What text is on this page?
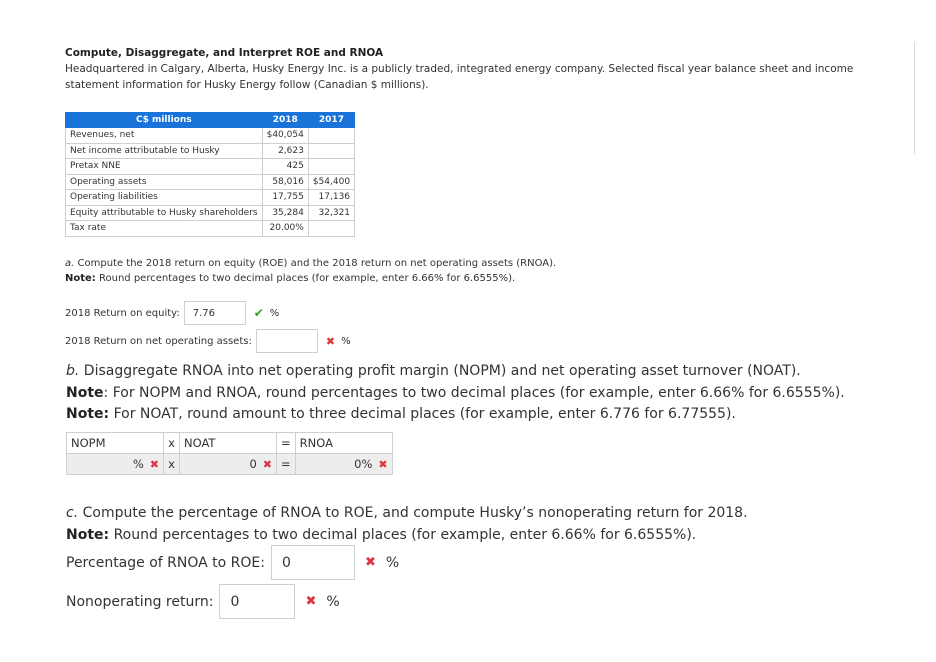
Compute, Disaggregate, and Interpret ROE and RNOA
Headquartered in Calgary, Alberta, Husky Energy Inc. is a publicly traded, integrated energy company. Selected fiscal year balance sheet and income statement information for Husky Energy follow (Canadian $ millions).
C$ millions	2018	2017
Revenues, net	$40,054	
Net income attributable to Husky	2,623	
Pretax NNE	425	
Operating assets	58,016	$54,400
Operating liabilities	17,755	17,136
Equity attributable to Husky shareholders	35,284	32,321
Tax rate	20.00%	
a. Compute the 2018 return on equity (ROE) and the 2018 return on net operating assets (RNOA).
Note: Round percentages to two decimal places (for example, enter 6.66% for 6.6555%).
2018 Return on equity:	7.76	✔ %
2018 Return on net operating assets:	✖ %
b. Disaggregate RNOA into net operating profit margin (NOPM) and net operating asset turnover (NOAT).
Note: For NOPM and RNOA, round percentages to two decimal places (for example, enter 6.66% for 6.6555%).
Note: For NOAT, round amount to three decimal places (for example, enter 6.776 for 6.77555).
NOPM	x	NOAT	=	RNOA
% ✖	x	0 ✖	=	0% ✖
c. Compute the percentage of RNOA to ROE, and compute Husky’s nonoperating return for 2018.
Note: Round percentages to two decimal places (for example, enter 6.66% for 6.6555%).
Percentage of RNOA to ROE:	0	✖ %
Nonoperating return:	0	✖ %
